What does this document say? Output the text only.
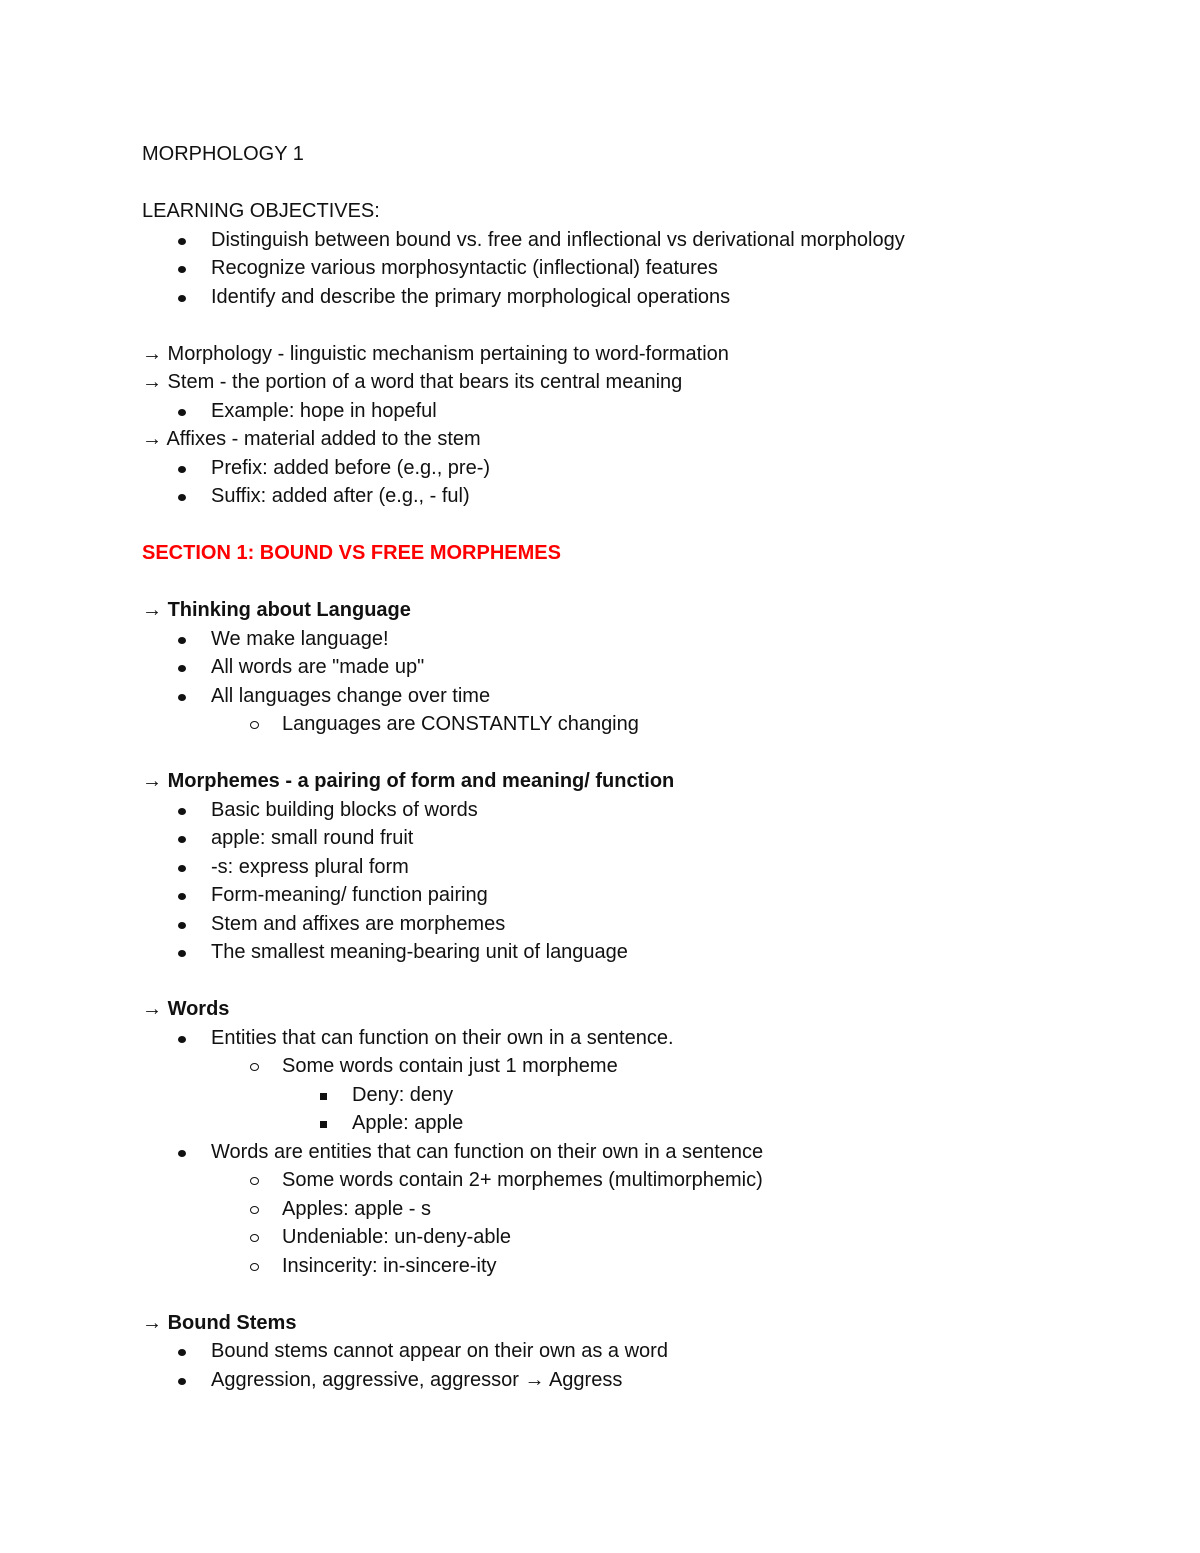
MORPHOLOGY 1
LEARNING OBJECTIVES:
Distinguish between bound vs. free and inflectional vs derivational morphology
Recognize various morphosyntactic (inflectional) features
Identify and describe the primary morphological operations
→ Morphology - linguistic mechanism pertaining to word-formation
→ Stem - the portion of a word that bears its central meaning
Example: hope in hopeful
→ Affixes - material added to the stem
Prefix: added before (e.g., pre-)
Suffix: added after (e.g., - ful)
SECTION 1: BOUND VS FREE MORPHEMES
→ Thinking about Language
We make language!
All words are "made up"
All languages change over time
Languages are CONSTANTLY changing
→ Morphemes - a pairing of form and meaning/ function
Basic building blocks of words
apple: small round fruit
-s: express plural form
Form-meaning/ function pairing
Stem and affixes are morphemes
The smallest meaning-bearing unit of language
→ Words
Entities that can function on their own in a sentence.
Some words contain just 1 morpheme
Deny: deny
Apple: apple
Words are entities that can function on their own in a sentence
Some words contain 2+ morphemes (multimorphemic)
Apples: apple - s
Undeniable: un-deny-able
Insincerity: in-sincere-ity
→ Bound Stems
Bound stems cannot appear on their own as a word
Aggression, aggressive, aggressor → Aggress
